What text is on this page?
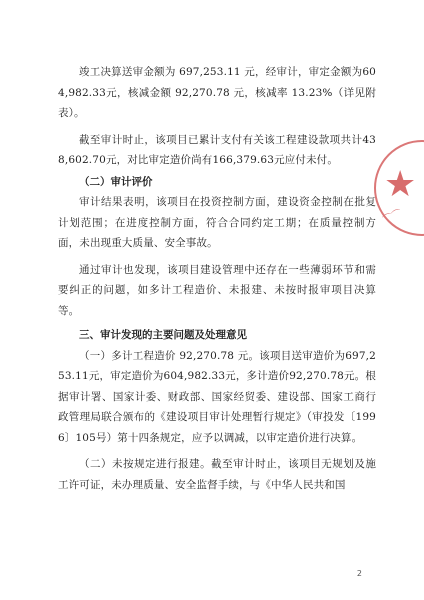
竣工决算送审金额为 697,253.11 元，经审计，审定金额为604,982.33元，核减金额 92,270.78 元，核减率 13.23%（详见附表）。

截至审计时止，该项目已累计支付有关该工程建设款项共计438,602.70元，对比审定造价尚有166,379.63元应付未付。

（二）审计评价

审计结果表明，该项目在投资控制方面，建设资金控制在批复计划范围；在进度控制方面，符合合同约定工期；在质量控制方面，未出现重大质量、安全事故。

通过审计也发现，该项目建设管理中还存在一些薄弱环节和需要纠正的问题，如多计工程造价、未报建、未按时报审项目决算等。

三、审计发现的主要问题及处理意见

（一）多计工程造价 92,270.78 元。该项目送审造价为697,253.11元，审定造价为604,982.33元，多计造价92,270.78元。根据审计署、国家计委、财政部、国家经贸委、建设部、国家工商行政管理局联合颁布的《建设项目审计处理暂行规定》（审投发〔1996〕105号）第十四条规定，应予以调减，以审定造价进行决算。

（二）未按规定进行报建。截至审计时止，该项目无规划及施工许可证，未办理质量、安全监督手续，与《中华人民共和国

★
⌒⌒
2
